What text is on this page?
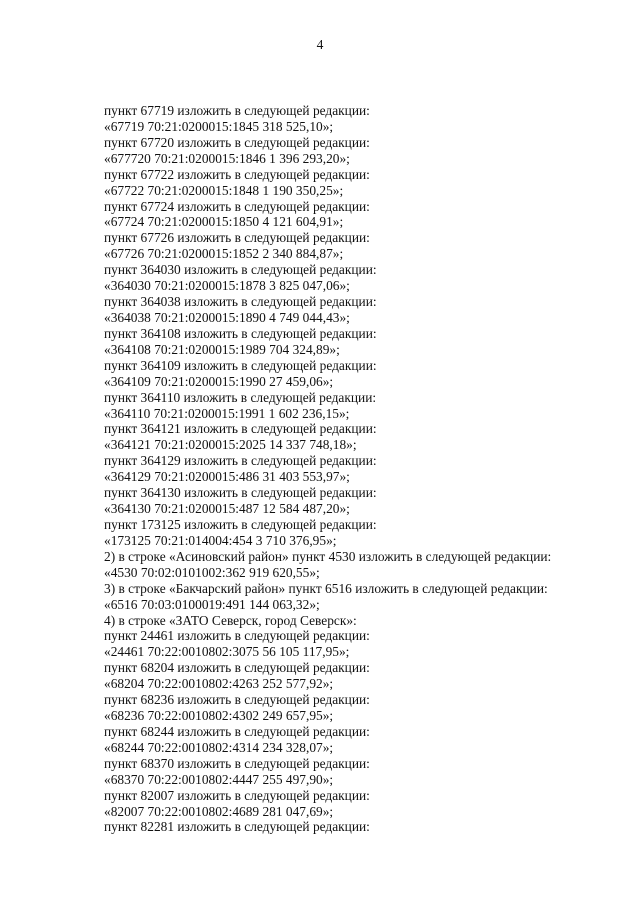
4
пункт 67719 изложить в следующей редакции:
«67719 70:21:0200015:1845 318 525,10»;
пункт 67720 изложить в следующей редакции:
«677720 70:21:0200015:1846 1 396 293,20»;
пункт 67722 изложить в следующей редакции:
«67722 70:21:0200015:1848 1 190 350,25»;
пункт 67724 изложить в следующей редакции:
«67724 70:21:0200015:1850 4 121 604,91»;
пункт 67726 изложить в следующей редакции:
«67726 70:21:0200015:1852 2 340 884,87»;
пункт 364030 изложить в следующей редакции:
«364030 70:21:0200015:1878 3 825 047,06»;
пункт 364038 изложить в следующей редакции:
«364038 70:21:0200015:1890 4 749 044,43»;
пункт 364108 изложить в следующей редакции:
«364108 70:21:0200015:1989 704 324,89»;
пункт 364109 изложить в следующей редакции:
«364109 70:21:0200015:1990 27 459,06»;
пункт 364110 изложить в следующей редакции:
«364110 70:21:0200015:1991 1 602 236,15»;
пункт 364121 изложить в следующей редакции:
«364121 70:21:0200015:2025 14 337 748,18»;
пункт 364129 изложить в следующей редакции:
«364129 70:21:0200015:486 31 403 553,97»;
пункт 364130 изложить в следующей редакции:
«364130 70:21:0200015:487 12 584 487,20»;
пункт 173125 изложить в следующей редакции:
«173125 70:21:014004:454 3 710 376,95»;
2) в строке «Асиновский район» пункт 4530 изложить в следующей редакции:
«4530 70:02:0101002:362 919 620,55»;
3) в строке «Бакчарский район» пункт 6516 изложить в следующей редакции:
«6516 70:03:0100019:491 144 063,32»;
4) в строке «ЗАТО Северск, город Северск»:
пункт 24461 изложить в следующей редакции:
«24461 70:22:0010802:3075 56 105 117,95»;
пункт 68204 изложить в следующей редакции:
«68204 70:22:0010802:4263 252 577,92»;
пункт 68236 изложить в следующей редакции:
«68236 70:22:0010802:4302 249 657,95»;
пункт 68244 изложить в следующей редакции:
«68244 70:22:0010802:4314 234 328,07»;
пункт 68370 изложить в следующей редакции:
«68370 70:22:0010802:4447 255 497,90»;
пункт 82007 изложить в следующей редакции:
«82007 70:22:0010802:4689 281 047,69»;
пункт 82281 изложить в следующей редакции:
